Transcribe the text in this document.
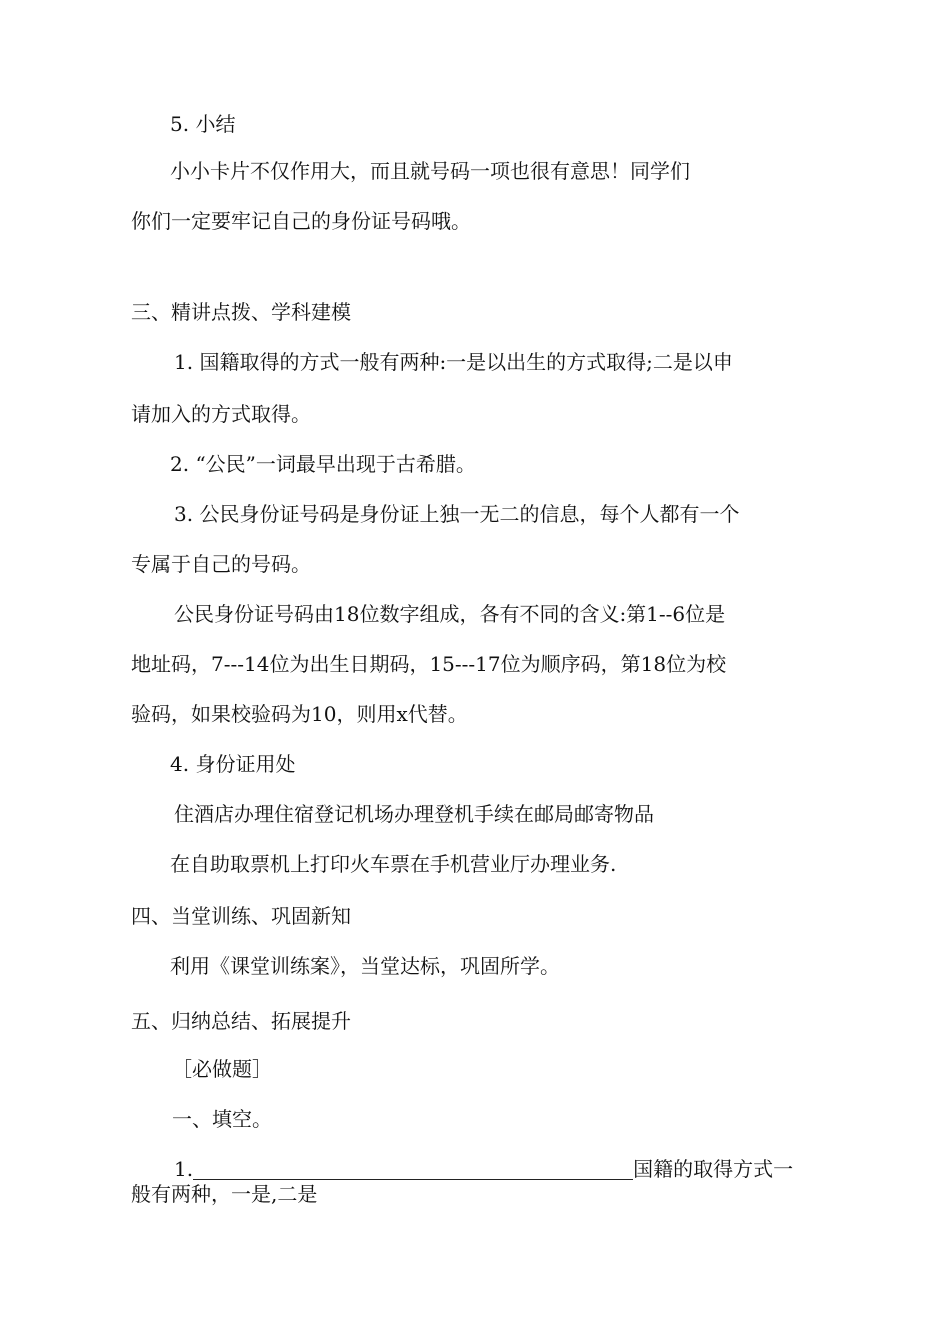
5. 小结
小小卡片不仅作用大，而且就号码一项也很有意思！同学们
你们一定要牢记自己的身份证号码哦。
三、精讲点拨、学科建模
1. 国籍取得的方式一般有两种:一是以出生的方式取得;二是以申
请加入的方式取得。
2. “公民”一词最早出现于古希腊。
3. 公民身份证号码是身份证上独一无二的信息，每个人都有一个
专属于自己的号码。
公民身份证号码由18位数字组成，各有不同的含义:第1--6位是
地址码，7---14位为出生日期码，15---17位为顺序码，第18位为校
验码，如果校验码为10，则用x代替。
4. 身份证用处
住酒店办理住宿登记机场办理登机手续在邮局邮寄物品
在自助取票机上打印火车票在手机营业厅办理业务.
四、当堂训练、巩固新知
利用《课堂训练案》，当堂达标，巩固所学。
五、归纳总结、拓展提升
［必做题］
一、填空。
1.	国籍的取得方式一
般有两种，一是,二是
